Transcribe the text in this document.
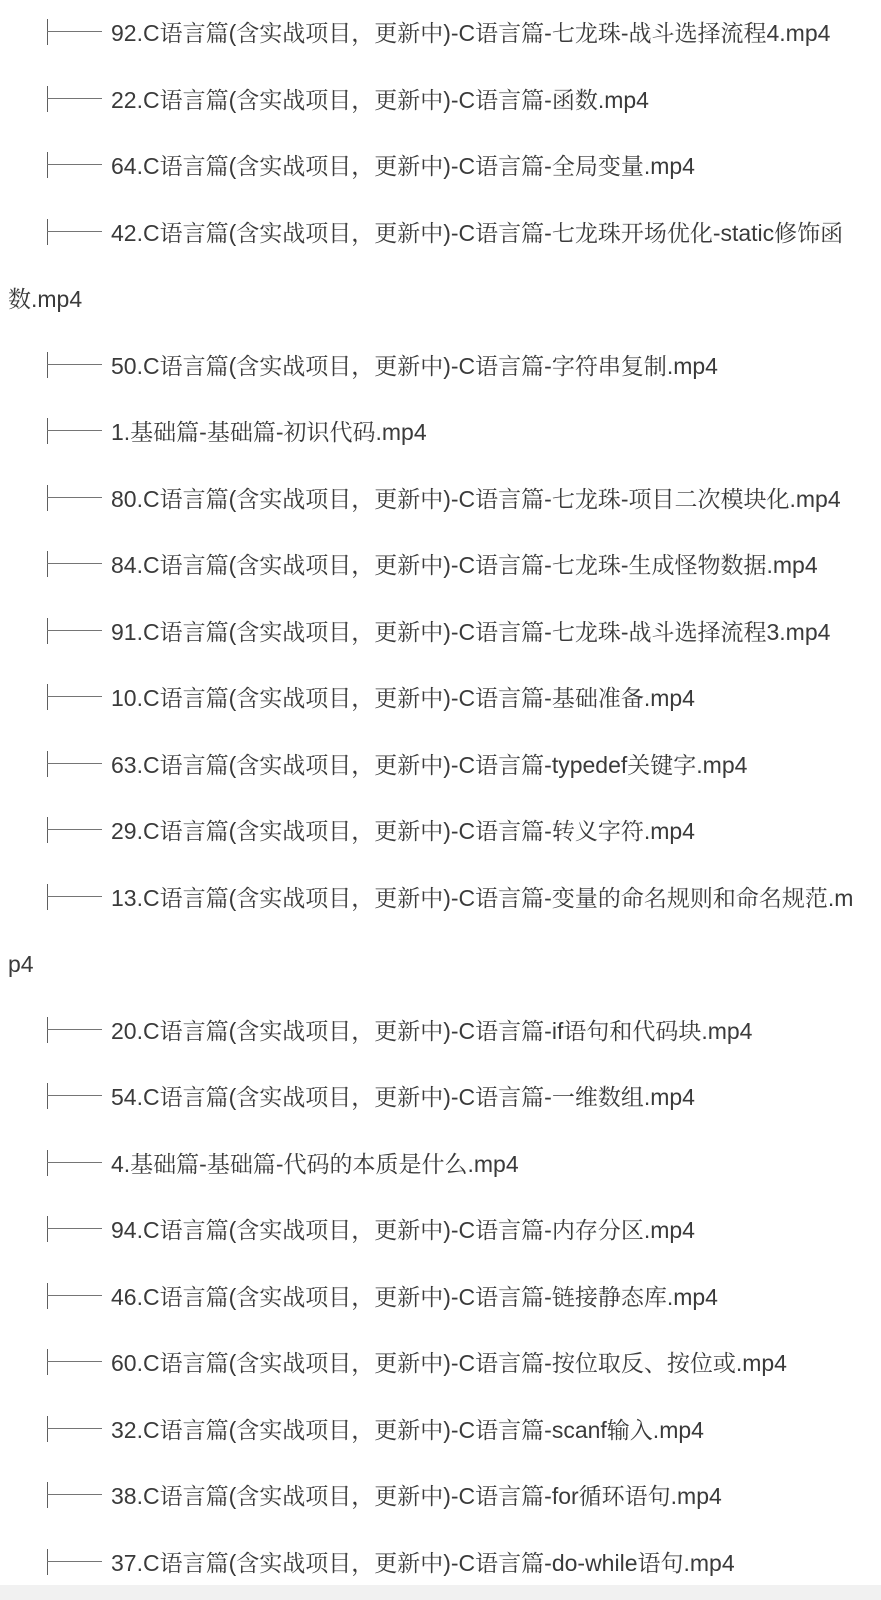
92.C语言篇(含实战项目，更新中)-C语言篇-七龙珠-战斗选择流程4.mp4
22.C语言篇(含实战项目，更新中)-C语言篇-函数.mp4
64.C语言篇(含实战项目，更新中)-C语言篇-全局变量.mp4
42.C语言篇(含实战项目，更新中)-C语言篇-七龙珠开场优化-static修饰函数.mp4
50.C语言篇(含实战项目，更新中)-C语言篇-字符串复制.mp4
1.基础篇-基础篇-初识代码.mp4
80.C语言篇(含实战项目，更新中)-C语言篇-七龙珠-项目二次模块化.mp4
84.C语言篇(含实战项目，更新中)-C语言篇-七龙珠-生成怪物数据.mp4
91.C语言篇(含实战项目，更新中)-C语言篇-七龙珠-战斗选择流程3.mp4
10.C语言篇(含实战项目，更新中)-C语言篇-基础准备.mp4
63.C语言篇(含实战项目，更新中)-C语言篇-typedef关键字.mp4
29.C语言篇(含实战项目，更新中)-C语言篇-转义字符.mp4
13.C语言篇(含实战项目，更新中)-C语言篇-变量的命名规则和命名规范.mp4
20.C语言篇(含实战项目，更新中)-C语言篇-if语句和代码块.mp4
54.C语言篇(含实战项目，更新中)-C语言篇-一维数组.mp4
4.基础篇-基础篇-代码的本质是什么.mp4
94.C语言篇(含实战项目，更新中)-C语言篇-内存分区.mp4
46.C语言篇(含实战项目，更新中)-C语言篇-链接静态库.mp4
60.C语言篇(含实战项目，更新中)-C语言篇-按位取反、按位或.mp4
32.C语言篇(含实战项目，更新中)-C语言篇-scanf输入.mp4
38.C语言篇(含实战项目，更新中)-C语言篇-for循环语句.mp4
37.C语言篇(含实战项目，更新中)-C语言篇-do-while语句.mp4
